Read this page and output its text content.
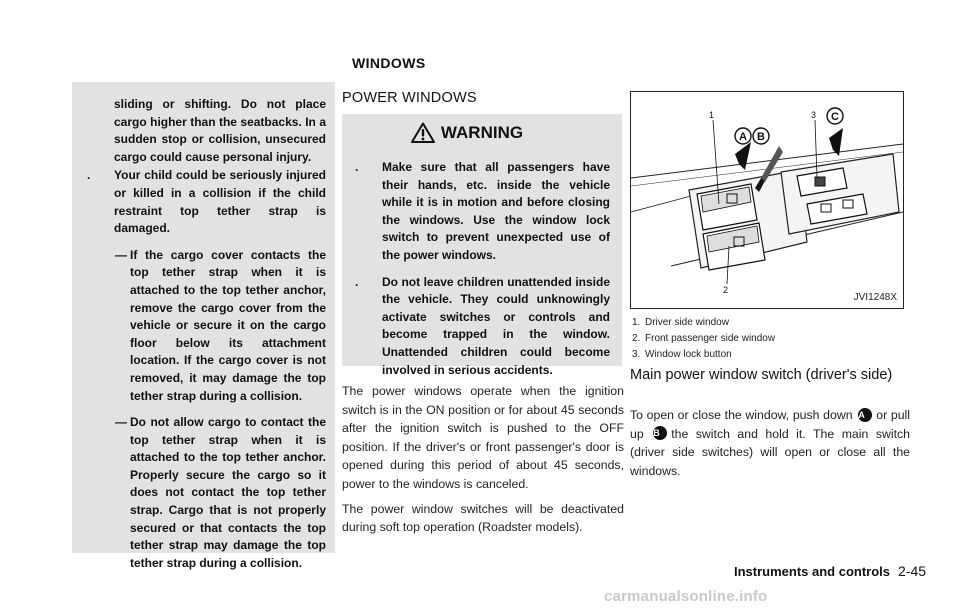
WINDOWS

sliding or shifting. Do not place cargo higher than the seatbacks. In a sudden stop or collision, unsecured cargo could cause personal injury.

.	Your child could be seriously injured or killed in a collision if the child restraint top tether strap is damaged.
— If the cargo cover contacts the top tether strap when it is attached to the top tether anchor, remove the cargo cover from the vehicle or secure it on the cargo floor below its attachment location. If the cargo cover is not removed, it may damage the top tether strap during a collision.
— Do not allow cargo to contact the top tether strap when it is attached to the top tether anchor. Properly secure the cargo so it does not contact the top tether strap. Cargo that is not properly secured or that contacts the top tether strap may damage the top tether strap during a collision.
POWER WINDOWS
WARNING
.	Make sure that all passengers have their hands, etc. inside the vehicle while it is in motion and before closing the windows. Use the window lock switch to prevent unexpected use of the power windows.
.	Do not leave children unattended inside the vehicle. They could unknowingly activate switches or controls and become trapped in the window. Unattended children could become involved in serious accidents.

The power windows operate when the ignition switch is in the ON position or for about 45 seconds after the ignition switch is pushed to the OFF position. If the driver's or front passenger's door is opened during this period of about 45 seconds, power to the windows is canceled.

The power window switches will be deactivated during soft top operation (Roadster models).

1	3
2
A B
C
JVI1248X
1. Driver side window
2. Front passenger side window
3. Window lock button
Main power window switch (driver's side)

To open or close the window, push down A or pull up B the switch and hold it. The main switch (driver side switches) will open or close all the windows.

Instruments and controls 2-45
carmanualsonline.info
